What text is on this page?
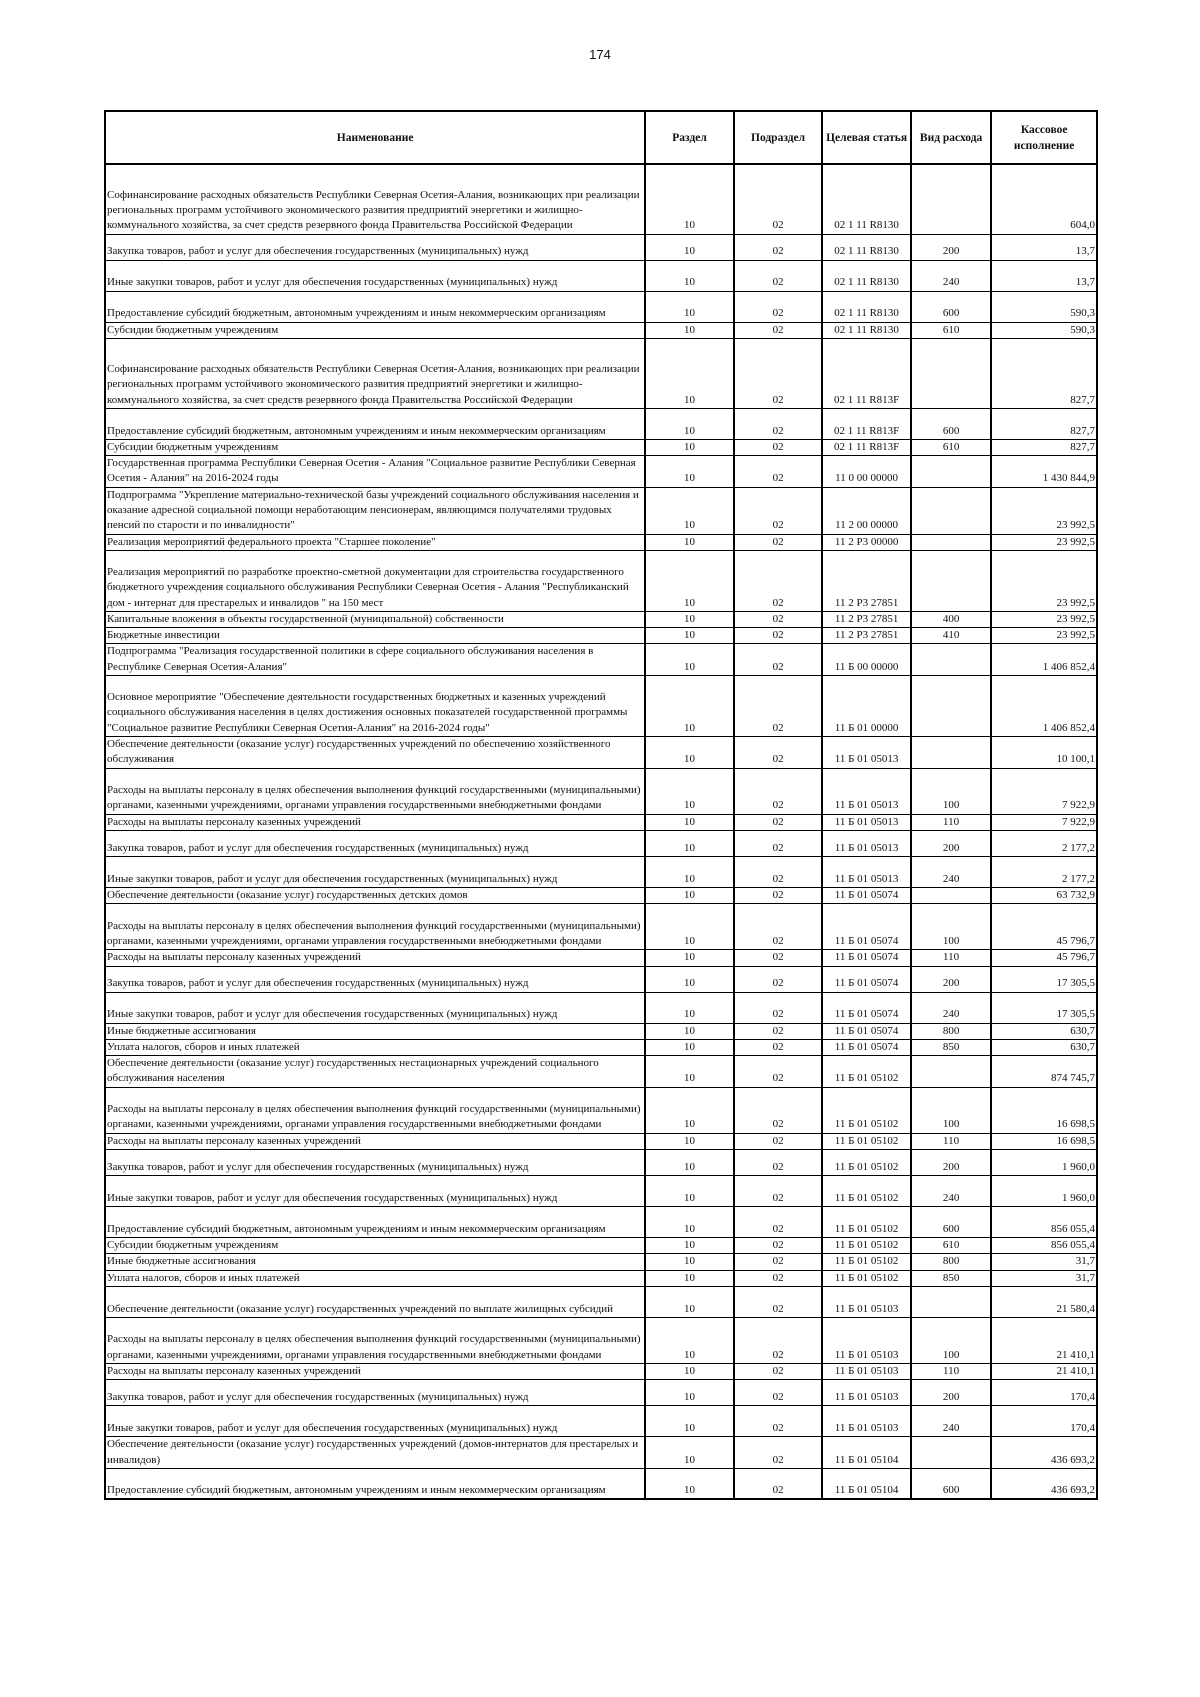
174
Наименование	Раздел	Подраздел	Целевая статья	Вид расхода	Кассовое исполнение
Софинансирование расходных обязательств Республики Северная Осетия-Алания, возникающих при реализации региональных программ устойчивого экономического развития предприятий энергетики и жилищно-коммунального хозяйства, за счет средств резервного фонда Правительства Российской Федерации	10	02	02 1 11 R8130		604,0
Закупка товаров, работ и услуг для обеспечения государственных (муниципальных) нужд	10	02	02 1 11 R8130	200	13,7
Иные закупки товаров, работ и услуг для обеспечения государственных (муниципальных) нужд	10	02	02 1 11 R8130	240	13,7
Предоставление субсидий бюджетным, автономным учреждениям и иным некоммерческим организациям	10	02	02 1 11 R8130	600	590,3
Субсидии бюджетным учреждениям	10	02	02 1 11 R8130	610	590,3
Софинансирование расходных обязательств Республики Северная Осетия-Алания, возникающих при реализации региональных программ устойчивого экономического развития предприятий энергетики и жилищно-коммунального хозяйства, за счет средств резервного фонда Правительства Российской Федерации	10	02	02 1 11 R813F		827,7
Предоставление субсидий бюджетным, автономным учреждениям и иным некоммерческим организациям	10	02	02 1 11 R813F	600	827,7
Субсидии бюджетным учреждениям	10	02	02 1 11 R813F	610	827,7
Государственная программа Республики Северная Осетия - Алания "Социальное развитие Республики Северная Осетия - Алания" на 2016-2024 годы	10	02	11 0 00 00000		1 430 844,9
Подпрограмма "Укрепление материально-технической базы учреждений социального обслуживания населения и оказание адресной социальной помощи неработающим пенсионерам, являющимся получателями трудовых пенсий по старости и по инвалидности"	10	02	11 2 00 00000		23 992,5
Реализация мероприятий федерального проекта "Старшее поколение"	10	02	11 2 P3 00000		23 992,5
Реализация мероприятий по разработке проектно-сметной документации для строительства государственного бюджетного учреждения социального обслуживания Республики Северная Осетия - Алания "Республиканский дом - интернат для престарелых и инвалидов " на 150 мест	10	02	11 2 P3 27851		23 992,5
Капитальные вложения в объекты государственной (муниципальной) собственности	10	02	11 2 P3 27851	400	23 992,5
Бюджетные инвестиции	10	02	11 2 P3 27851	410	23 992,5
Подпрограмма "Реализация государственной политики в сфере социального обслуживания населения в Республике Северная Осетия-Алания"	10	02	11 Б 00 00000		1 406 852,4
Основное мероприятие "Обеспечение деятельности государственных бюджетных и казенных учреждений социального обслуживания населения в целях достижения основных показателей государственной программы "Социальное развитие Республики Северная Осетия-Алания" на 2016-2024 годы"	10	02	11 Б 01 00000		1 406 852,4
Обеспечение деятельности (оказание услуг) государственных учреждений по обеспечению хозяйственного обслуживания	10	02	11 Б 01 05013		10 100,1
Расходы на выплаты персоналу в целях обеспечения выполнения функций государственными (муниципальными) органами, казенными учреждениями, органами управления государственными внебюджетными фондами	10	02	11 Б 01 05013	100	7 922,9
Расходы на выплаты персоналу казенных учреждений	10	02	11 Б 01 05013	110	7 922,9
Закупка товаров, работ и услуг для обеспечения государственных (муниципальных) нужд	10	02	11 Б 01 05013	200	2 177,2
Иные закупки товаров, работ и услуг для обеспечения государственных (муниципальных) нужд	10	02	11 Б 01 05013	240	2 177,2
Обеспечение деятельности (оказание услуг) государственных детских домов	10	02	11 Б 01 05074		63 732,9
Расходы на выплаты персоналу в целях обеспечения выполнения функций государственными (муниципальными) органами, казенными учреждениями, органами управления государственными внебюджетными фондами	10	02	11 Б 01 05074	100	45 796,7
Расходы на выплаты персоналу казенных учреждений	10	02	11 Б 01 05074	110	45 796,7
Закупка товаров, работ и услуг для обеспечения государственных (муниципальных) нужд	10	02	11 Б 01 05074	200	17 305,5
Иные закупки товаров, работ и услуг для обеспечения государственных (муниципальных) нужд	10	02	11 Б 01 05074	240	17 305,5
Иные бюджетные ассигнования	10	02	11 Б 01 05074	800	630,7
Уплата налогов, сборов и иных платежей	10	02	11 Б 01 05074	850	630,7
Обеспечение деятельности (оказание услуг) государственных нестационарных учреждений социального обслуживания населения	10	02	11 Б 01 05102		874 745,7
Расходы на выплаты персоналу в целях обеспечения выполнения функций государственными (муниципальными) органами, казенными учреждениями, органами управления государственными внебюджетными фондами	10	02	11 Б 01 05102	100	16 698,5
Расходы на выплаты персоналу казенных учреждений	10	02	11 Б 01 05102	110	16 698,5
Закупка товаров, работ и услуг для обеспечения государственных (муниципальных) нужд	10	02	11 Б 01 05102	200	1 960,0
Иные закупки товаров, работ и услуг для обеспечения государственных (муниципальных) нужд	10	02	11 Б 01 05102	240	1 960,0
Предоставление субсидий бюджетным, автономным учреждениям и иным некоммерческим организациям	10	02	11 Б 01 05102	600	856 055,4
Субсидии бюджетным учреждениям	10	02	11 Б 01 05102	610	856 055,4
Иные бюджетные ассигнования	10	02	11 Б 01 05102	800	31,7
Уплата налогов, сборов и иных платежей	10	02	11 Б 01 05102	850	31,7
Обеспечение деятельности (оказание услуг) государственных учреждений по выплате жилищных субсидий	10	02	11 Б 01 05103		21 580,4
Расходы на выплаты персоналу в целях обеспечения выполнения функций государственными (муниципальными) органами, казенными учреждениями, органами управления государственными внебюджетными фондами	10	02	11 Б 01 05103	100	21 410,1
Расходы на выплаты персоналу казенных учреждений	10	02	11 Б 01 05103	110	21 410,1
Закупка товаров, работ и услуг для обеспечения государственных (муниципальных) нужд	10	02	11 Б 01 05103	200	170,4
Иные закупки товаров, работ и услуг для обеспечения государственных (муниципальных) нужд	10	02	11 Б 01 05103	240	170,4
Обеспечение деятельности (оказание услуг) государственных учреждений (домов-интернатов для престарелых и инвалидов)	10	02	11 Б 01 05104		436 693,2
Предоставление субсидий бюджетным, автономным учреждениям и иным некоммерческим организациям	10	02	11 Б 01 05104	600	436 693,2
